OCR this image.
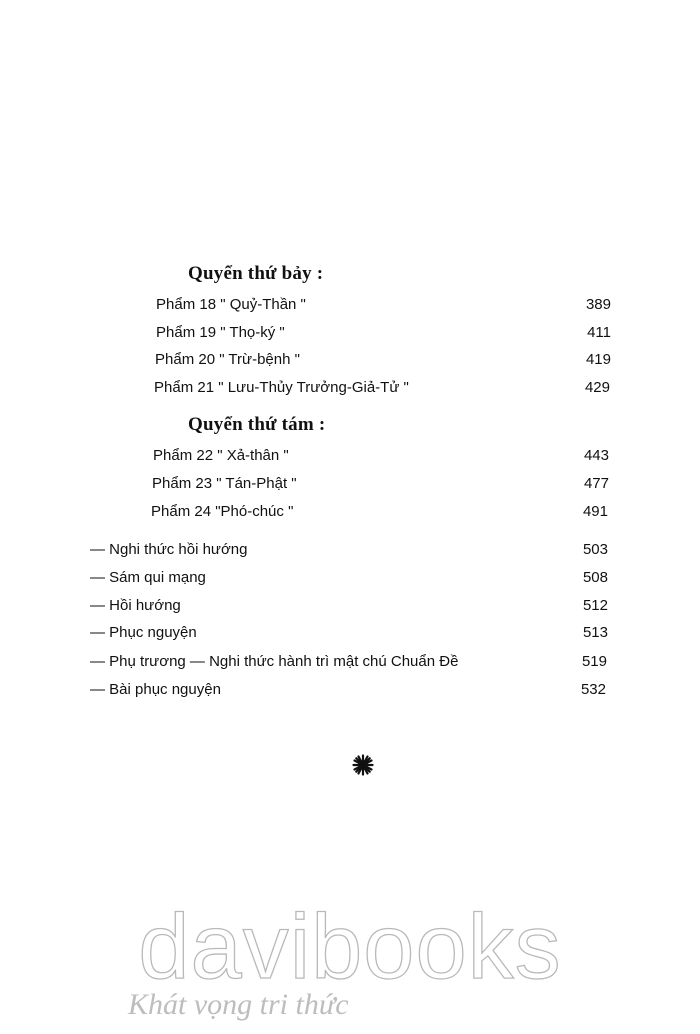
Quyển thứ bảy :
Phẩm 18 " Quỷ-Thần "	389
Phẩm 19 " Thọ-ký "	411
Phẩm 20 " Trừ-bệnh "	419
Phẩm 21 " Lưu-Thủy Trưởng-Giả-Tử "	429
Quyển thứ tám :
Phẩm 22 " Xả-thân "	443
Phẩm 23 " Tán-Phật "	477
Phẩm 24 "Phó-chúc "	491
— Nghi thức hồi hướng	503
— Sám qui mạng	508
— Hồi hướng	512
— Phục nguyện	513
— Phụ trương — Nghi thức hành trì mật chú Chuẩn Đề	519
— Bài phục nguyện	532
davibooks
Khát vọng tri thức
